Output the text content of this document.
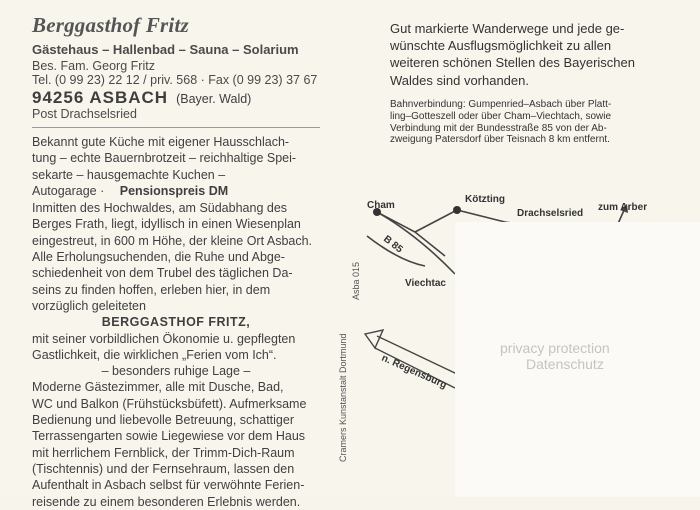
Berggasthof Fritz
Gästehaus – Hallenbad – Sauna – Solarium
Bes. Fam. Georg Fritz
Tel. (0 99 23) 22 12 / priv. 568 · Fax (0 99 23) 37 67
94256 ASBACH (Bayer. Wald)
Post Drachselsried

Bekannt gute Küche mit eigener Hausschlach-

tung – echte Bauernbrotzeit – reichhaltige Spei-

sekarte – hausgemachte Kuchen –

Autogarage · Pensionspreis DM

Inmitten des Hochwaldes, am Südabhang des

Berges Frath, liegt, idyllisch in einen Wiesenplan

eingestreut, in 600 m Höhe, der kleine Ort Asbach.

Alle Erholungsuchenden, die Ruhe und Abge-

schiedenheit von dem Trubel des täglichen Da-

seins zu finden hoffen, erleben hier, in dem

vorzüglich geleiteten

BERGGASTHOF FRITZ,

mit seiner vorbildlichen Ökonomie u. gepflegten

Gastlichkeit, die wirklichen „Ferien vom Ich“.

– besonders ruhige Lage –

Moderne Gästezimmer, alle mit Dusche, Bad,

WC und Balkon (Frühstücksbüfett). Aufmerksame

Bedienung und liebevolle Betreuung, schattiger

Terrassengarten sowie Liegewiese vor dem Haus

mit herrlichem Fernblick, der Trimm-Dich-Raum

(Tischtennis) und der Fernsehraum, lassen den

Aufenthalt in Asbach selbst für verwöhnte Ferien-

reisende zu einem besonderen Erlebnis werden.

Gut markierte Wanderwege und jede ge-
wünschte Ausflugsmöglichkeit zu allen
weiteren schönen Stellen des Bayerischen
Waldes sind vorhanden.
Bahnverbindung: Gumpenried–Asbach über Platt-
ling–Gotteszell oder über Cham–Viechtach, sowie
Verbindung mit der Bundesstraße 85 von der Ab-
zweigung Patersdorf über Teisnach 8 km entfernt.
Cham
Kötzting
Drachselsried
zum Arber
B 85
Viechtac
n. Regensburg
Cramers Kunstanstalt Dortmund
Asba 015
privacy protection
Datenschutz
